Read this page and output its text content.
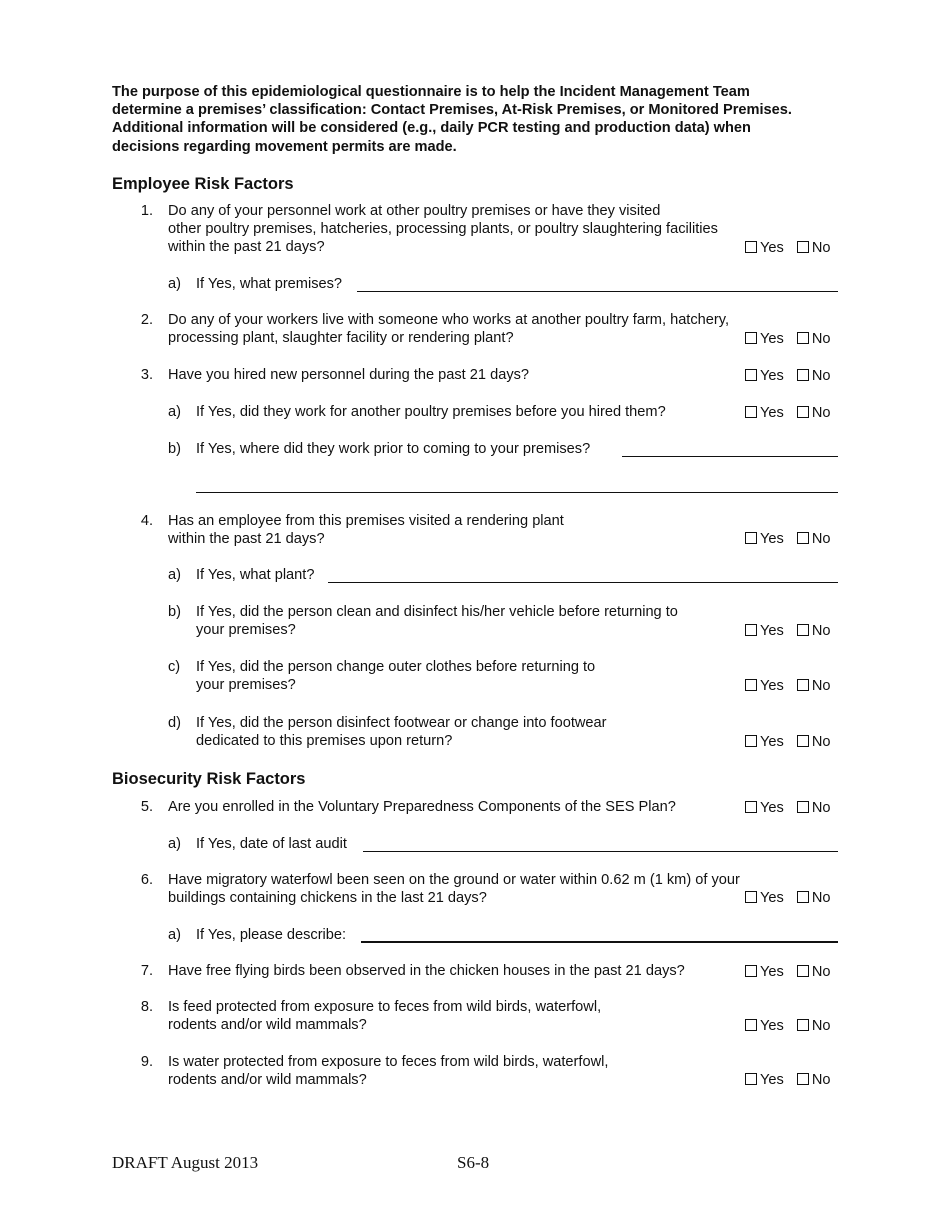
The purpose of this epidemiological questionnaire is to help the Incident Management Team
determine a premises’ classification: Contact Premises, At-Risk Premises, or Monitored Premises.
Additional information will be considered (e.g., daily PCR testing and production data) when
decisions regarding movement permits are made.
Employee Risk Factors
1. Do any of your personnel work at other poultry premises or have they visited
other poultry premises, hatcheries, processing plants, or poultry slaughtering facilities
within the past 21 days?	Yes No
a) If Yes, what premises?
2. Do any of your workers live with someone who works at another poultry farm, hatchery,
processing plant, slaughter facility or rendering plant?	Yes No
3. Have you hired new personnel during the past 21 days?	Yes No
a) If Yes, did they work for another poultry premises before you hired them?	Yes No
b) If Yes, where did they work prior to coming to your premises?
4. Has an employee from this premises visited a rendering plant
within the past 21 days?	Yes No
a) If Yes, what plant?
b) If Yes, did the person clean and disinfect his/her vehicle before returning to
your premises?	Yes No
c) If Yes, did the person change outer clothes before returning to
your premises?	Yes No
d) If Yes, did the person disinfect footwear or change into footwear
dedicated to this premises upon return?	Yes No
Biosecurity Risk Factors
5. Are you enrolled in the Voluntary Preparedness Components of the SES Plan?	Yes No
a) If Yes, date of last audit
6. Have migratory waterfowl been seen on the ground or water within 0.62 m (1 km) of your
buildings containing chickens in the last 21 days?	Yes No
a) If Yes, please describe:
7. Have free flying birds been observed in the chicken houses in the past 21 days?	Yes No
8. Is feed protected from exposure to feces from wild birds, waterfowl,
rodents and/or wild mammals?	Yes No
9. Is water protected from exposure to feces from wild birds, waterfowl,
rodents and/or wild mammals?	Yes No
DRAFT August 2013	S6-8
